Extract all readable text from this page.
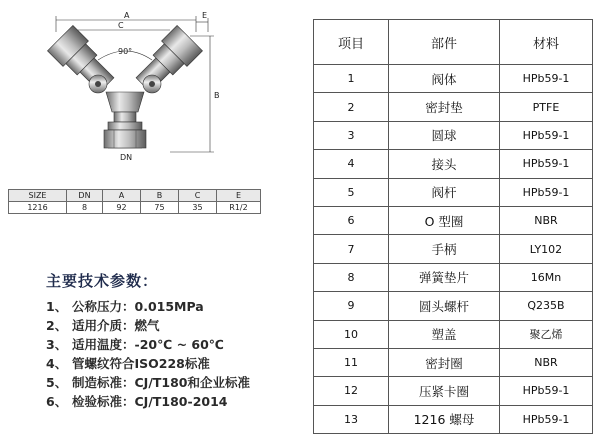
A
C
E
90°
B
DN
SIZE	DN	A	B	C	E
1216	8	92	75	35	R1/2
主要技术参数：
1、 公称压力：0.015MPa
2、 适用介质：燃气
3、 适用温度：-20℃ ~ 60℃
4、 管螺纹符合ISO228标准
5、 制造标准：CJ/T180和企业标准
6、 检验标准：CJ/T180-2014
项目	部件	材料
1	阀体	HPb59-1
2	密封垫	PTFE
3	圆球	HPb59-1
4	接头	HPb59-1
5	阀杆	HPb59-1
6	O 型圈	NBR
7	手柄	LY102
8	弹簧垫片	16Mn
9	圆头螺杆	Q235B
10	塑盖	聚乙烯
11	密封圈	NBR
12	压紧卡圈	HPb59-1
13	1216 螺母	HPb59-1
